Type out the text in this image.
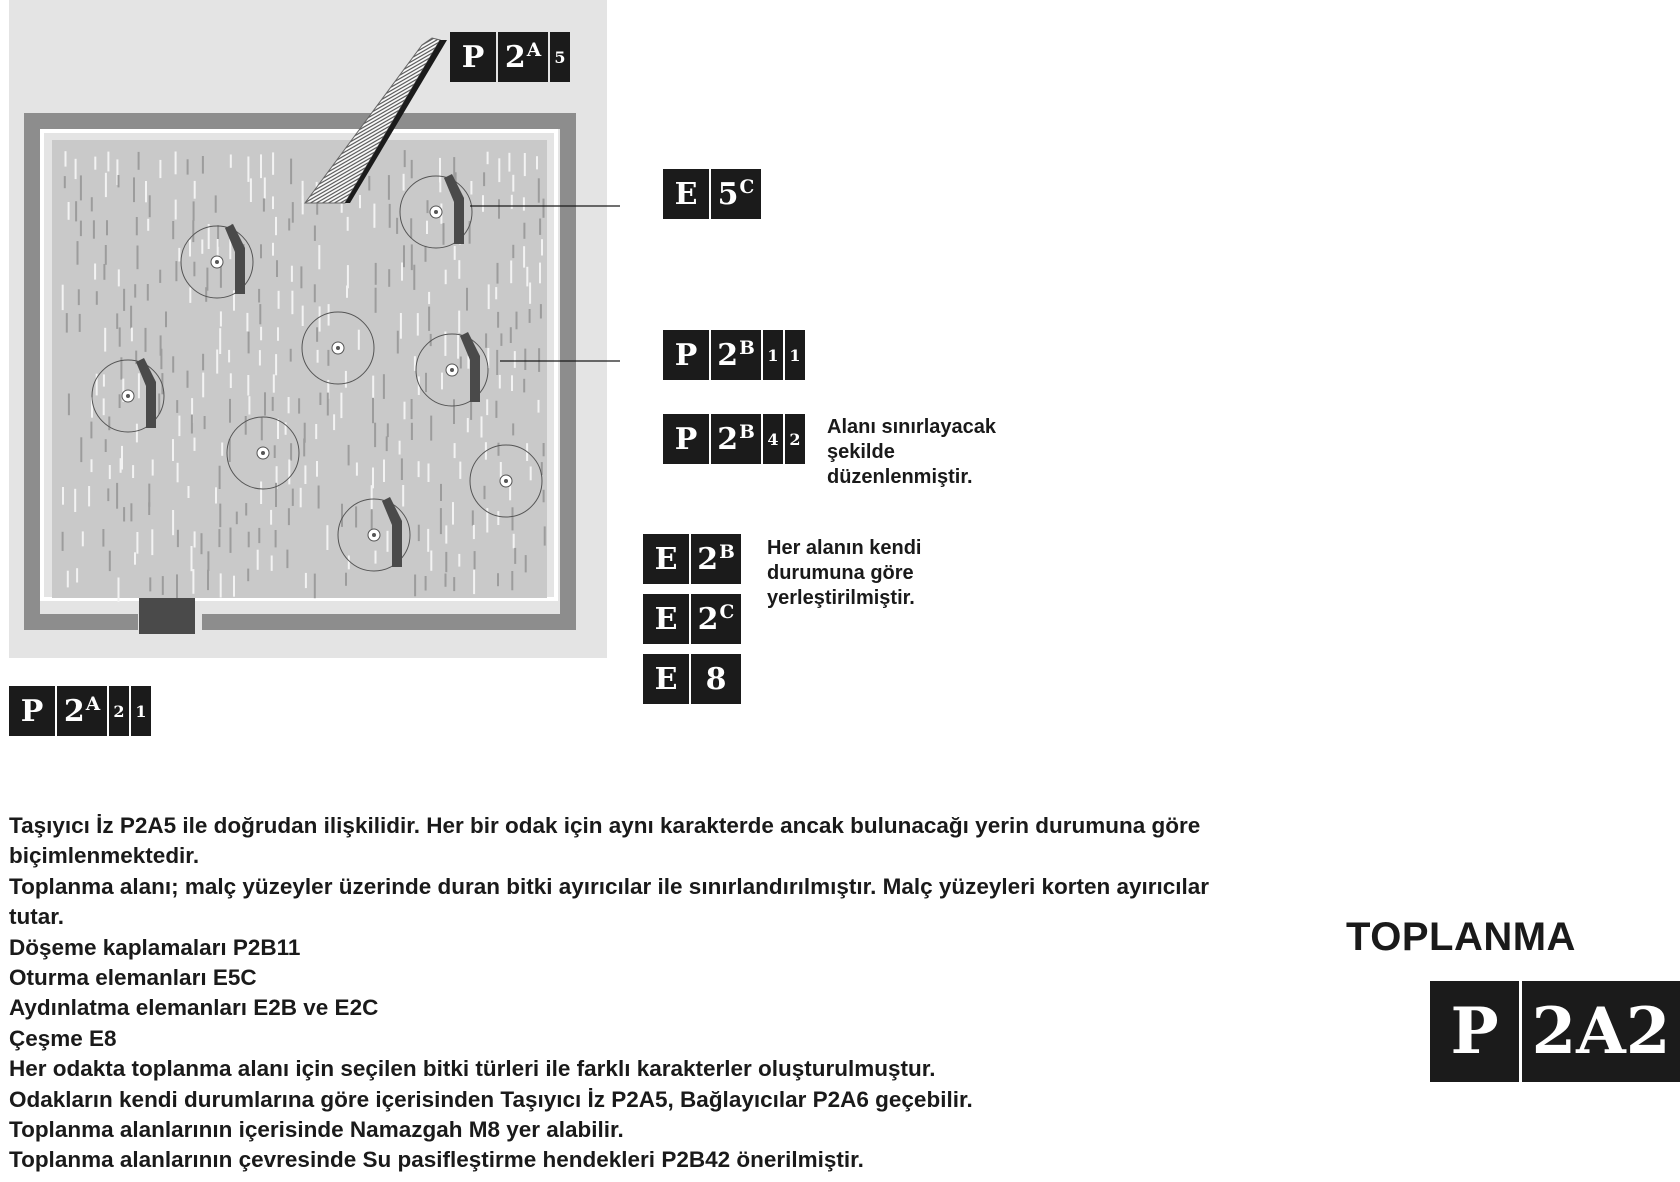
P $2^A$ 5
E $5^C$
P $2^B$ 1 1
P $2^B$ 4 2

Alanı sınırlayacak
şekilde
düzenlenmiştir.

E $2^B$
E $2^C$
E 8

Her alanın kendi
durumuna göre
yerleştirilmiştir.

P $2^A$ 2 1

Taşıyıcı İz P2A5 ile doğrudan ilişkilidir. Her bir odak için aynı karakterde ancak bulunacağı yerin durumuna göre biçimlenmektedir.

Toplanma alanı; malç yüzeyler üzerinde duran bitki ayırıcılar ile sınırlandırılmıştır. Malç yüzeyleri korten ayırıcılar tutar.

Döşeme kaplamaları P2B11

Oturma elemanları E5C

Aydınlatma elemanları E2B ve E2C

Çeşme E8

Her odakta toplanma alanı için seçilen bitki türleri ile farklı karakterler oluşturulmuştur.

Odakların kendi durumlarına göre içerisinden Taşıyıcı İz P2A5, Bağlayıcılar P2A6 geçebilir.

Toplanma alanlarının içerisinde Namazgah M8 yer alabilir.

Toplanma alanlarının çevresinde Su pasifleştirme hendekleri P2B42 önerilmiştir.

TOPLANMA
P 2A2
